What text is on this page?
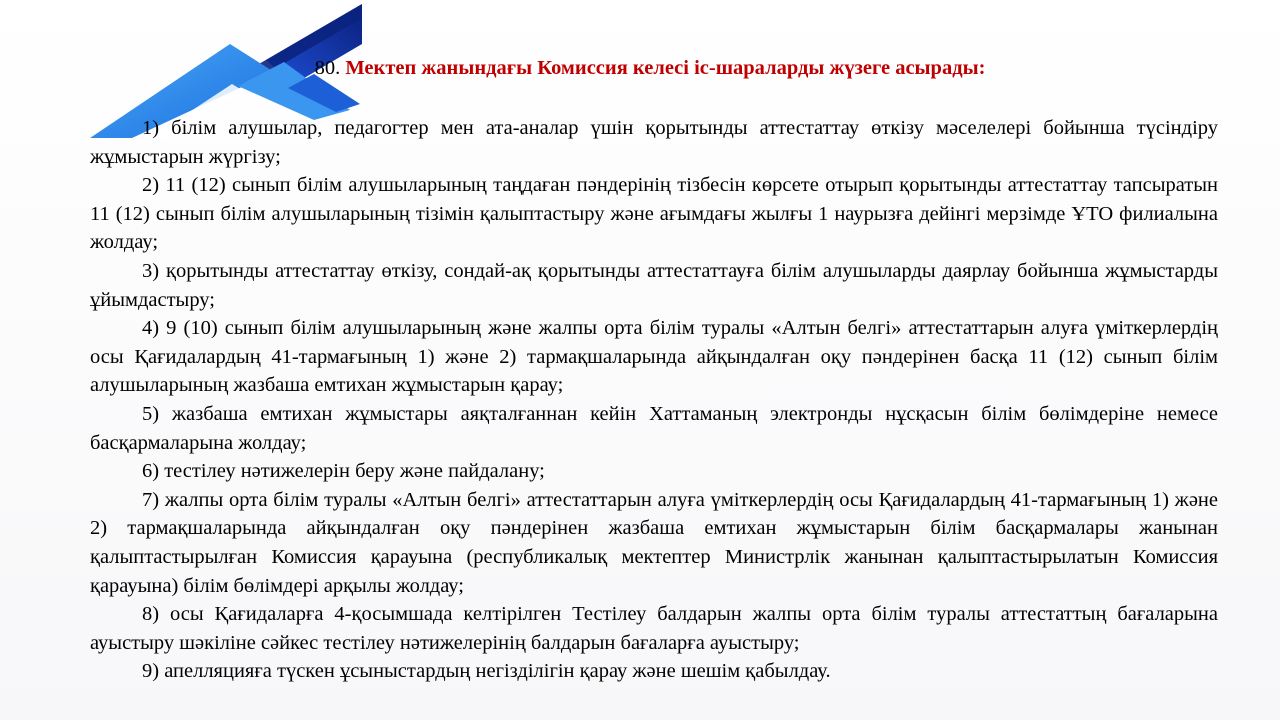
80. Мектеп жанындағы Комиссия келесі іс-шараларды жүзеге асырады:

1) білім алушылар, педагогтер мен ата-аналар үшін қорытынды аттестаттау өткізу мәселелері бойынша түсіндіру жұмыстарын жүргізу;

2) 11 (12) сынып білім алушыларының таңдаған пәндерінің тізбесін көрсете отырып қорытынды аттестаттау тапсыратын 11 (12) сынып білім алушыларының тізімін қалыптастыру және ағымдағы жылғы 1 наурызға дейінгі мерзімде ҰТО филиалына жолдау;

3) қорытынды аттестаттау өткізу, сондай-ақ қорытынды аттестаттауға білім алушыларды даярлау бойынша жұмыстарды ұйымдастыру;

4) 9 (10) сынып білім алушыларының және жалпы орта білім туралы «Алтын белгі» аттестаттарын алуға үміткерлердің осы Қағидалардың 41-тармағының 1) және 2) тармақшаларында айқындалған оқу пәндерінен басқа 11 (12) сынып білім алушыларының жазбаша емтихан жұмыстарын қарау;

5) жазбаша емтихан жұмыстары аяқталғаннан кейін Хаттаманың электронды нұсқасын білім бөлімдеріне немесе басқармаларына жолдау;

6) тестілеу нәтижелерін беру және пайдалану;

7) жалпы орта білім туралы «Алтын белгі» аттестаттарын алуға үміткерлердің осы Қағидалардың 41-тармағының 1) және 2) тармақшаларында айқындалған оқу пәндерінен жазбаша емтихан жұмыстарын білім басқармалары жанынан қалыптастырылған Комиссия қарауына (республикалық мектептер Министрлік жанынан қалыптастырылатын Комиссия қарауына) білім бөлімдері арқылы жолдау;

8) осы Қағидаларға 4-қосымшада келтірілген Тестілеу балдарын жалпы орта білім туралы аттестаттың бағаларына ауыстыру шәкіліне сәйкес тестілеу нәтижелерінің балдарын бағаларға ауыстыру;

9) апелляцияға түскен ұсыныстардың негізділігін қарау және шешім қабылдау.
